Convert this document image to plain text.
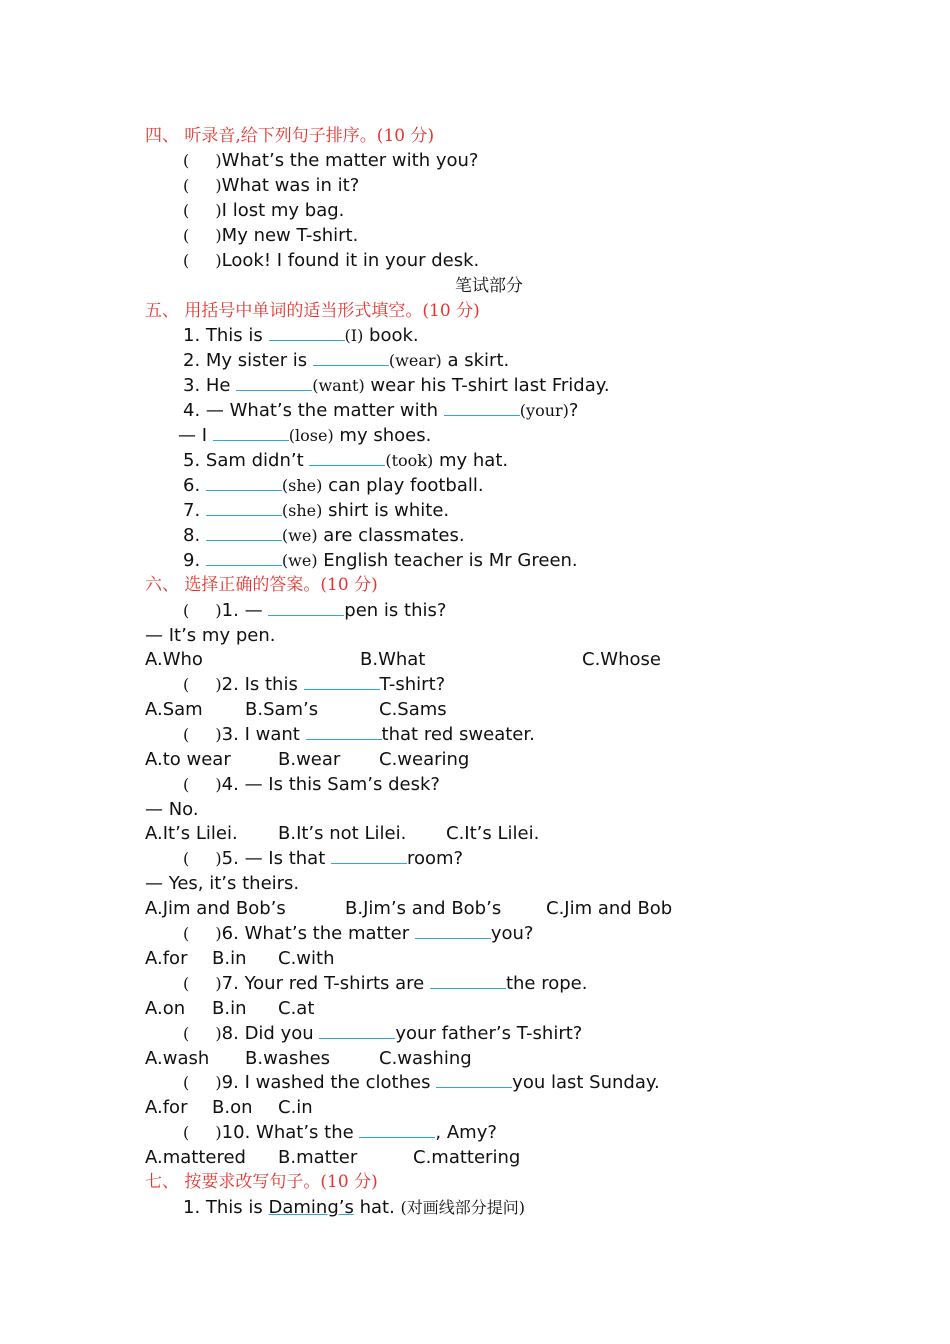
四、 听录音,给下列句子排序。(10 分)
(　  )What’s the matter with you?
(　  )What was in it?
(　  )I lost my bag.
(　  )My new T-shirt.
(　  )Look! I found it in your desk.
笔试部分
五、 用括号中单词的适当形式填空。(10 分)
1. This is	(I) book.
2. My sister is	(wear) a skirt.
3. He	(want) wear his T-shirt last Friday.
4. — What’s the matter with	(your)?
— I	(lose) my shoes.
5. Sam didn’t	(took) my hat.
6.	(she) can play football.
7.	(she) shirt is white.
8.	(we) are classmates.
9.	(we) English teacher is Mr Green.
六、 选择正确的答案。(10 分)
(　  )1. —	pen is this?
— It’s my pen.
A.Who	B.What	C.Whose
(　  )2. Is this	T-shirt?
A.Sam B.Sam’s	C.Sams
(　  )3. I want	that red sweater.
A.to wear	B.wear C.wearing
(　  )4. — Is this Sam’s desk?
— No.
A.It’s Lilei. B.It’s not Lilei. C.It’s Lilei.
(　  )5. — Is that	room?
— Yes, it’s theirs.
A.Jim and Bob’s	B.Jim’s and Bob’s C.Jim and Bob
(　  )6. What’s the matter	you?
A.for B.in C.with
(　  )7. Your red T-shirts are	the rope.
A.on B.in C.at
(　  )8. Did you	your father’s T-shirt?
A.wash B.washes	C.washing
(　  )9. I washed the clothes	you last Sunday.
A.for B.on C.in
(　  )10. What’s the	, Amy?
A.mattered B.matter	C.mattering
七、 按要求改写句子。(10 分)
1. This is Daming’s hat. (对画线部分提问)
